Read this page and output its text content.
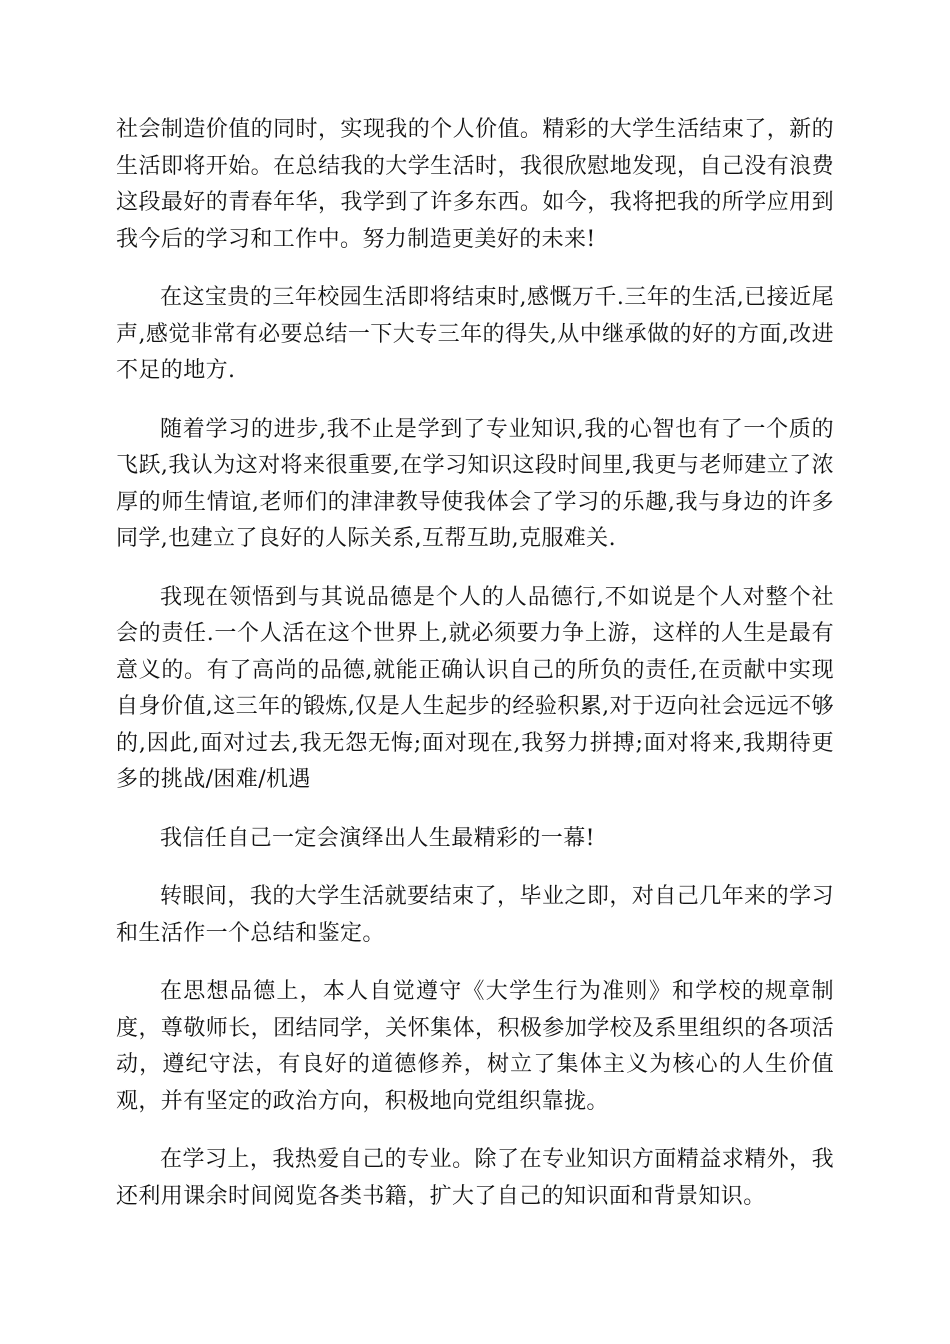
社会制造价值的同时，实现我的个人价值。精彩的大学生活结束了，新的生活即将开始。在总结我的大学生活时，我很欣慰地发现，自己没有浪费这段最好的青春年华，我学到了许多东西。如今，我将把我的所学应用到我今后的学习和工作中。努力制造更美好的未来!

在这宝贵的三年校园生活即将结束时,感慨万千.三年的生活,已接近尾声,感觉非常有必要总结一下大专三年的得失,从中继承做的好的方面,改进不足的地方.

随着学习的进步,我不止是学到了专业知识,我的心智也有了一个质的飞跃,我认为这对将来很重要,在学习知识这段时间里,我更与老师建立了浓厚的师生情谊,老师们的津津教导使我体会了学习的乐趣,我与身边的许多同学,也建立了良好的人际关系,互帮互助,克服难关.

我现在领悟到与其说品德是个人的人品德行,不如说是个人对整个社会的责任.一个人活在这个世界上,就必须要力争上游，这样的人生是最有意义的。有了高尚的品德,就能正确认识自己的所负的责任,在贡献中实现自身价值,这三年的锻炼,仅是人生起步的经验积累,对于迈向社会远远不够的,因此,面对过去,我无怨无悔;面对现在,我努力拼搏;面对将来,我期待更多的挑战/困难/机遇

我信任自己一定会演绎出人生最精彩的一幕!

转眼间，我的大学生活就要结束了，毕业之即，对自己几年来的学习和生活作一个总结和鉴定。

在思想品德上，本人自觉遵守《大学生行为准则》和学校的规章制度，尊敬师长，团结同学，关怀集体，积极参加学校及系里组织的各项活动，遵纪守法，有良好的道德修养，树立了集体主义为核心的人生价值观，并有坚定的政治方向，积极地向党组织靠拢。

在学习上，我热爱自己的专业。除了在专业知识方面精益求精外，我还利用课余时间阅览各类书籍，扩大了自己的知识面和背景知识。
